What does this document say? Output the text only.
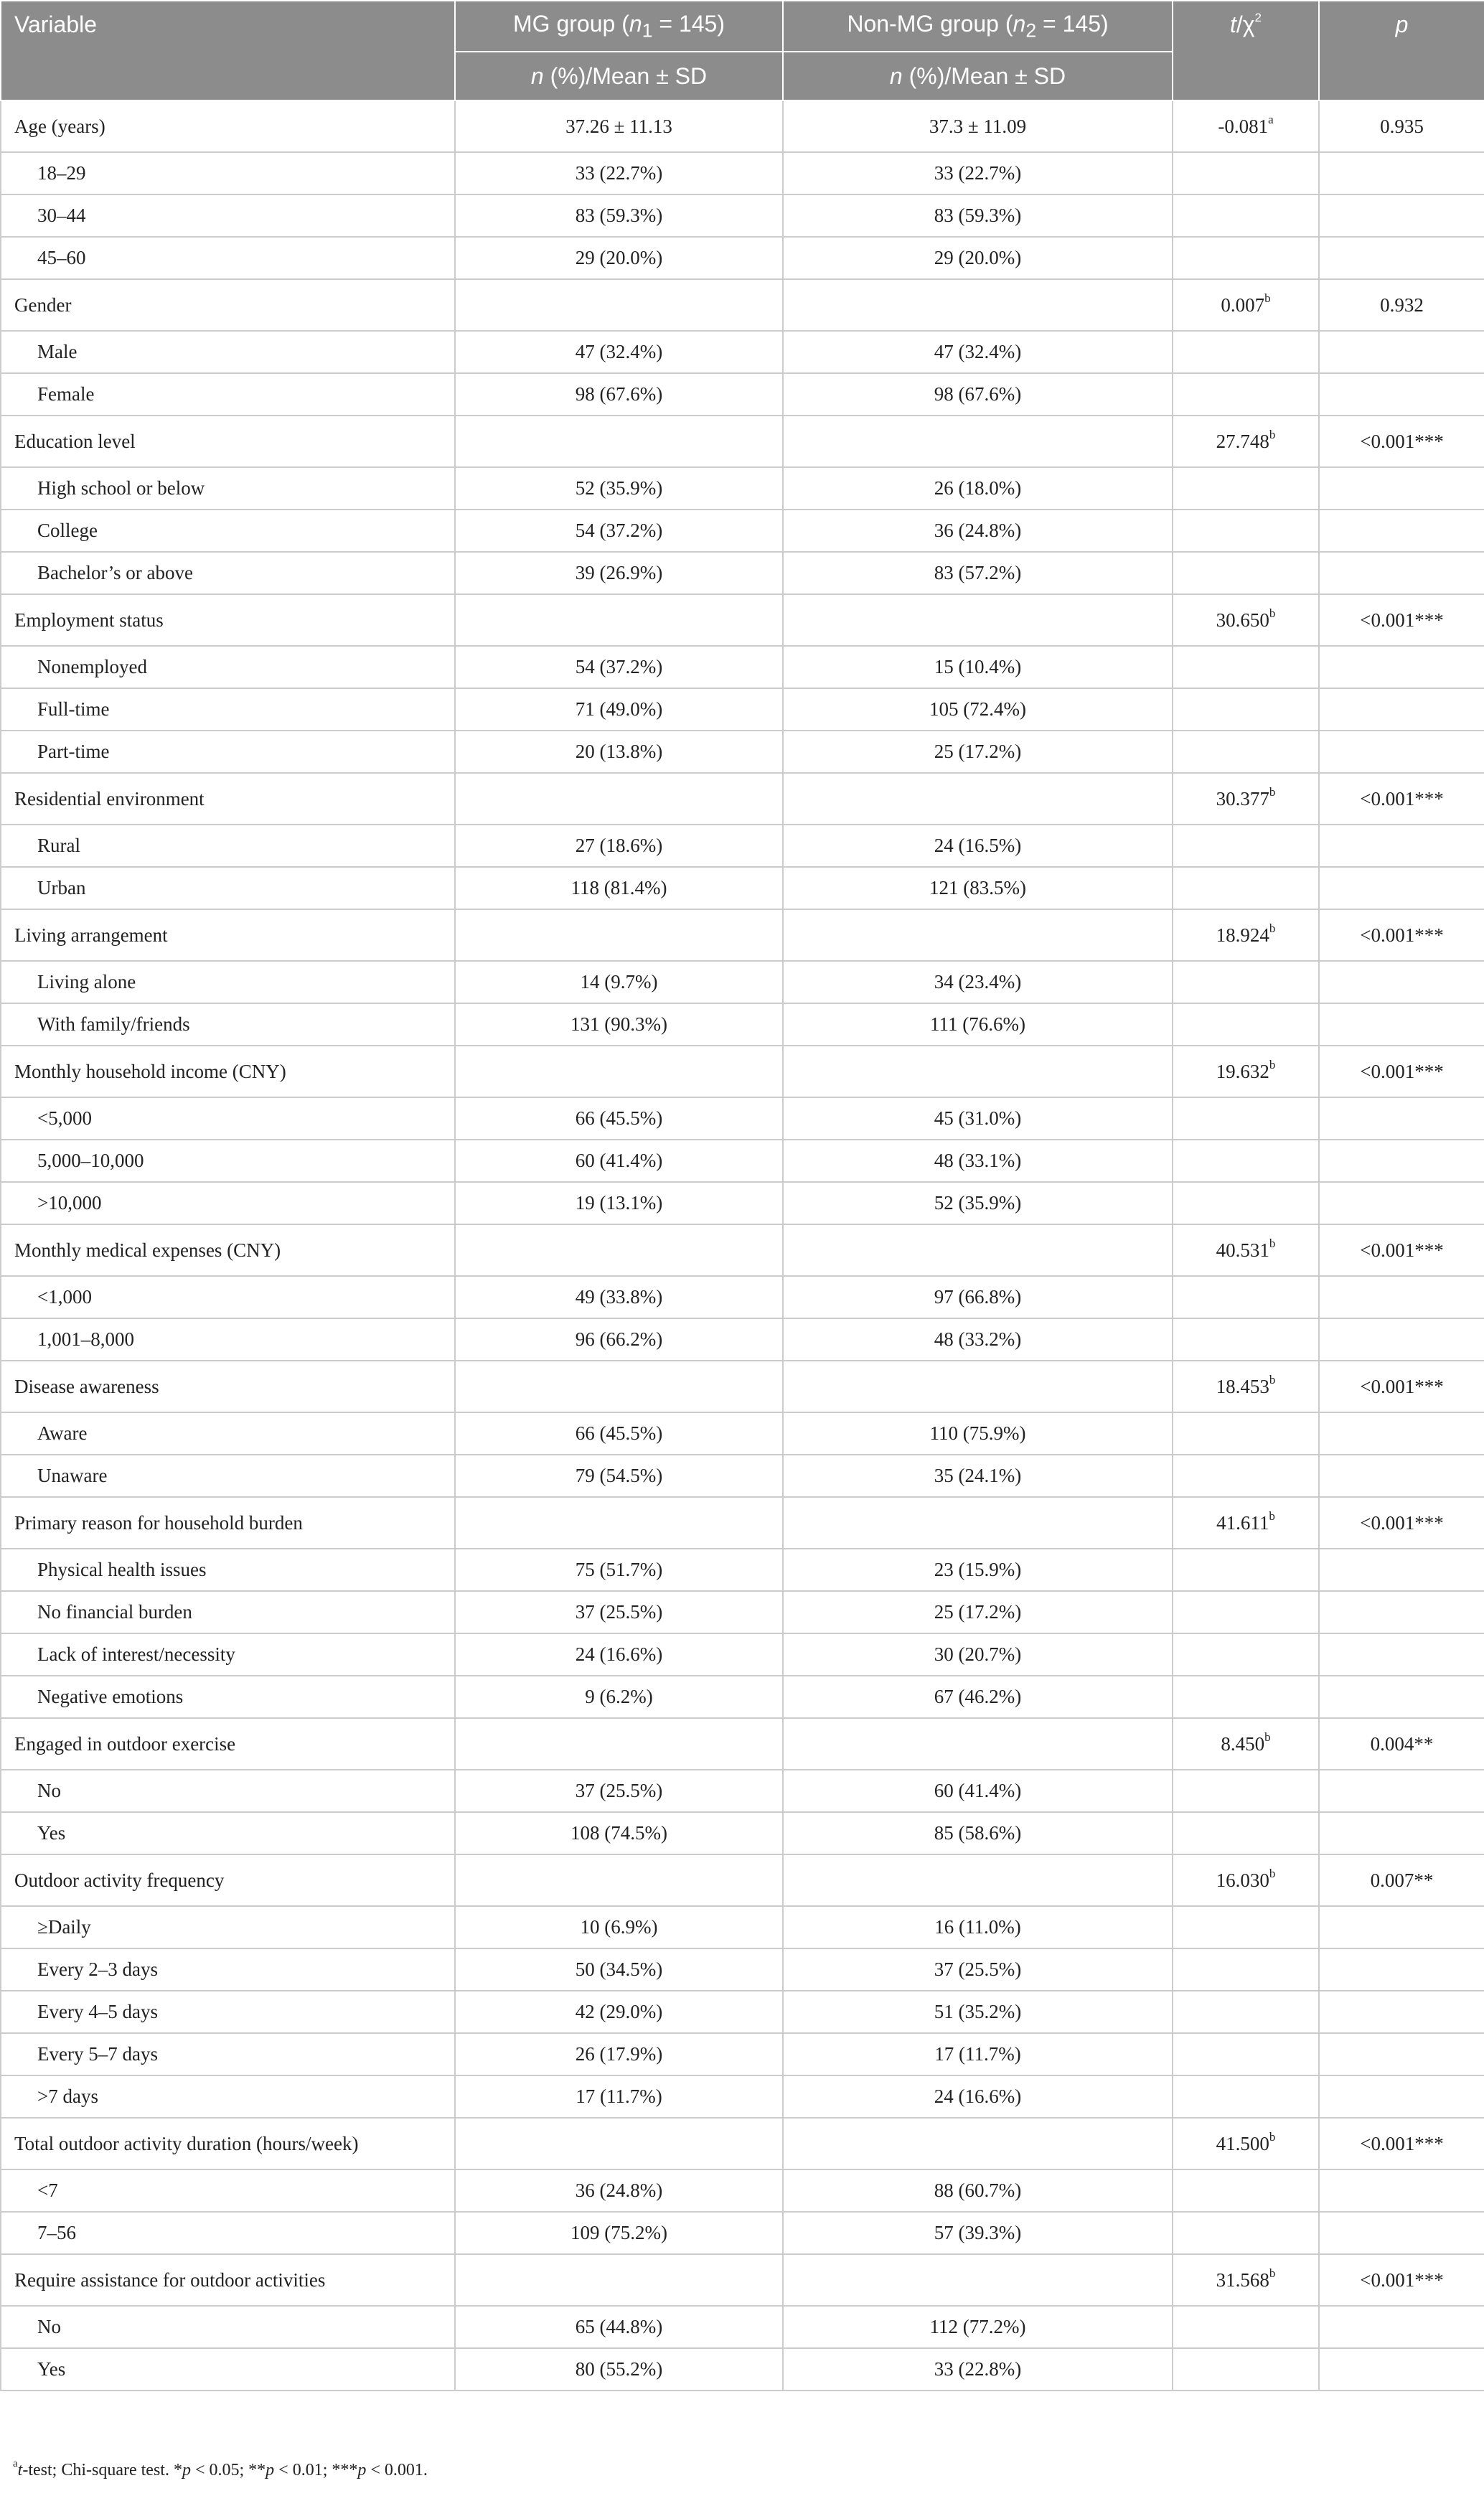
Variable	MG group $(n_1 = 145)$	Non-MG group $(n_2 = 145)$	$t/\chi^2$	p
	n (%)/Mean ± SD	n (%)/Mean ± SD		
Age (years)	37.26 ± 11.13	37.3 ± 11.09	-0.081$^a$	0.935
18–29	33 (22.7%)	33 (22.7%)		
30–44	83 (59.3%)	83 (59.3%)		
45–60	29 (20.0%)	29 (20.0%)		
Gender			0.007$^b$	0.932
Male	47 (32.4%)	47 (32.4%)		
Female	98 (67.6%)	98 (67.6%)		
Education level			27.748$^b$	<0.001***
High school or below	52 (35.9%)	26 (18.0%)		
College	54 (37.2%)	36 (24.8%)		
Bachelor’s or above	39 (26.9%)	83 (57.2%)		
Employment status			30.650$^b$	<0.001***
Nonemployed	54 (37.2%)	15 (10.4%)		
Full-time	71 (49.0%)	105 (72.4%)		
Part-time	20 (13.8%)	25 (17.2%)		
Residential environment			30.377$^b$	<0.001***
Rural	27 (18.6%)	24 (16.5%)		
Urban	118 (81.4%)	121 (83.5%)		
Living arrangement			18.924$^b$	<0.001***
Living alone	14 (9.7%)	34 (23.4%)		
With family/friends	131 (90.3%)	111 (76.6%)		
Monthly household income (CNY)			19.632$^b$	<0.001***
<5,000	66 (45.5%)	45 (31.0%)		
5,000–10,000	60 (41.4%)	48 (33.1%)		
>10,000	19 (13.1%)	52 (35.9%)		
Monthly medical expenses (CNY)			40.531$^b$	<0.001***
<1,000	49 (33.8%)	97 (66.8%)		
1,001–8,000	96 (66.2%)	48 (33.2%)		
Disease awareness			18.453$^b$	<0.001***
Aware	66 (45.5%)	110 (75.9%)		
Unaware	79 (54.5%)	35 (24.1%)		
Primary reason for household burden			41.611$^b$	<0.001***
Physical health issues	75 (51.7%)	23 (15.9%)		
No financial burden	37 (25.5%)	25 (17.2%)		
Lack of interest/necessity	24 (16.6%)	30 (20.7%)		
Negative emotions	9 (6.2%)	67 (46.2%)		
Engaged in outdoor exercise			8.450$^b$	0.004**
No	37 (25.5%)	60 (41.4%)		
Yes	108 (74.5%)	85 (58.6%)		
Outdoor activity frequency			16.030$^b$	0.007**
≥Daily	10 (6.9%)	16 (11.0%)		
Every 2–3 days	50 (34.5%)	37 (25.5%)		
Every 4–5 days	42 (29.0%)	51 (35.2%)		
Every 5–7 days	26 (17.9%)	17 (11.7%)		
>7 days	17 (11.7%)	24 (16.6%)		
Total outdoor activity duration (hours/week)			41.500$^b$	<0.001***
<7	36 (24.8%)	88 (60.7%)		
7–56	109 (75.2%)	57 (39.3%)		
Require assistance for outdoor activities			31.568$^b$	<0.001***
No	65 (44.8%)	112 (77.2%)		
Yes	80 (55.2%)	33 (22.8%)		
$^a$t-test; Chi-square test. *p < 0.05; **p < 0.01; ***p < 0.001.
